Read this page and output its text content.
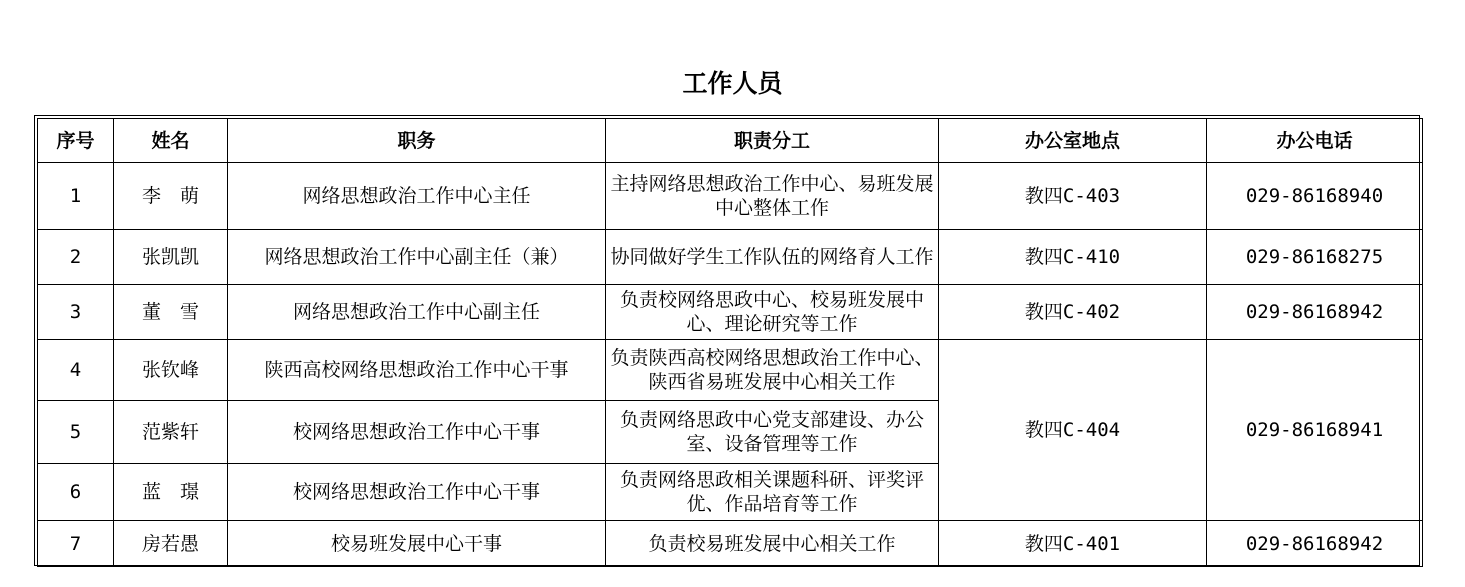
工作人员
序号	姓名	职务	职责分工	办公室地点	办公电话
1	李　萌	网络思想政治工作中心主任	主持网络思想政治工作中心、易班发展中心整体工作	教四C-403	029-86168940
2	张凯凯	网络思想政治工作中心副主任（兼）	协同做好学生工作队伍的网络育人工作	教四C-410	029-86168275
3	董　雪	网络思想政治工作中心副主任	负责校网络思政中心、校易班发展中心、理论研究等工作	教四C-402	029-86168942
4	张钦峰	陕西高校网络思想政治工作中心干事	负责陕西高校网络思想政治工作中心、陕西省易班发展中心相关工作	教四C-404	029-86168941
5	范紫轩	校网络思想政治工作中心干事	负责网络思政中心党支部建设、办公室、设备管理等工作		
6	蓝　璟	校网络思想政治工作中心干事	负责网络思政相关课题科研、评奖评优、作品培育等工作		
7	房若愚	校易班发展中心干事	负责校易班发展中心相关工作	教四C-401	029-86168942
